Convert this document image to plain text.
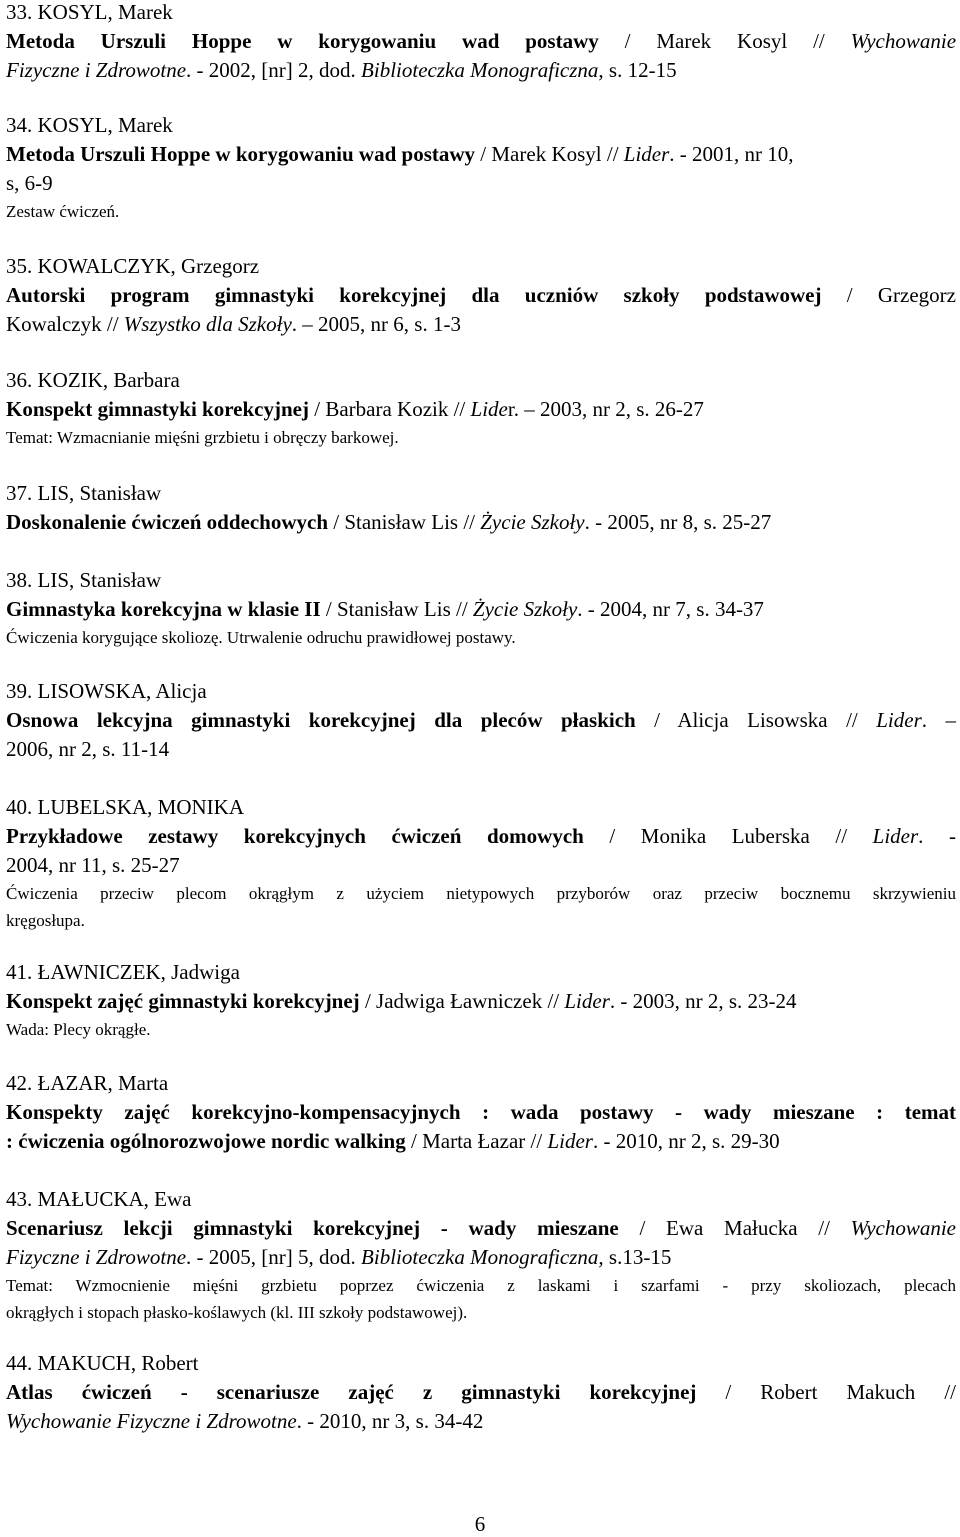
33. KOSYL, Marek
Metoda Urszuli Hoppe w korygowaniu wad postawy / Marek Kosyl // Wychowanie
Fizyczne i Zdrowotne. - 2002, [nr] 2, dod. Biblioteczka Monograficzna, s. 12-15
34. KOSYL, Marek
Metoda Urszuli Hoppe w korygowaniu wad postawy / Marek Kosyl // Lider. - 2001, nr 10,
s, 6-9
Zestaw ćwiczeń.
35. KOWALCZYK, Grzegorz
Autorski program gimnastyki korekcyjnej dla uczniów szkoły podstawowej / Grzegorz
Kowalczyk // Wszystko dla Szkoły. – 2005, nr 6, s. 1-3
36. KOZIK, Barbara
Konspekt gimnastyki korekcyjnej / Barbara Kozik // Lider. – 2003, nr 2, s. 26-27
Temat: Wzmacnianie mięśni grzbietu i obręczy barkowej.
37. LIS, Stanisław
Doskonalenie ćwiczeń oddechowych / Stanisław Lis // Życie Szkoły. - 2005, nr 8, s. 25-27
38. LIS, Stanisław
Gimnastyka korekcyjna w klasie II / Stanisław Lis // Życie Szkoły. - 2004, nr 7, s. 34-37
Ćwiczenia korygujące skoliozę. Utrwalenie odruchu prawidłowej postawy.
39. LISOWSKA, Alicja
Osnowa lekcyjna gimnastyki korekcyjnej dla pleców płaskich / Alicja Lisowska // Lider. –
2006, nr 2, s. 11-14
40. LUBELSKA, MONIKA
Przykładowe zestawy korekcyjnych ćwiczeń domowych / Monika Luberska // Lider. -
2004, nr 11, s. 25-27
Ćwiczenia przeciw plecom okrągłym z użyciem nietypowych przyborów oraz przeciw bocznemu skrzywieniu
kręgosłupa.
41. ŁAWNICZEK, Jadwiga
Konspekt zajęć gimnastyki korekcyjnej / Jadwiga Ławniczek // Lider. - 2003, nr 2, s. 23-24
Wada: Plecy okrągłe.
42. ŁAZAR, Marta
Konspekty zajęć korekcyjno-kompensacyjnych : wada postawy - wady mieszane : temat
: ćwiczenia ogólnorozwojowe nordic walking / Marta Łazar // Lider. - 2010, nr 2, s. 29-30
43. MAŁUCKA, Ewa
Scenariusz lekcji gimnastyki korekcyjnej - wady mieszane / Ewa Małucka // Wychowanie
Fizyczne i Zdrowotne. - 2005, [nr] 5, dod. Biblioteczka Monograficzna, s.13-15
Temat: Wzmocnienie mięśni grzbietu poprzez ćwiczenia z laskami i szarfami - przy skoliozach, plecach
okrągłych i stopach płasko-koślawych (kl. III szkoły podstawowej).
44. MAKUCH, Robert
Atlas ćwiczeń - scenariusze zajęć z gimnastyki korekcyjnej / Robert Makuch //
Wychowanie Fizyczne i Zdrowotne. - 2010, nr 3, s. 34-42
6
